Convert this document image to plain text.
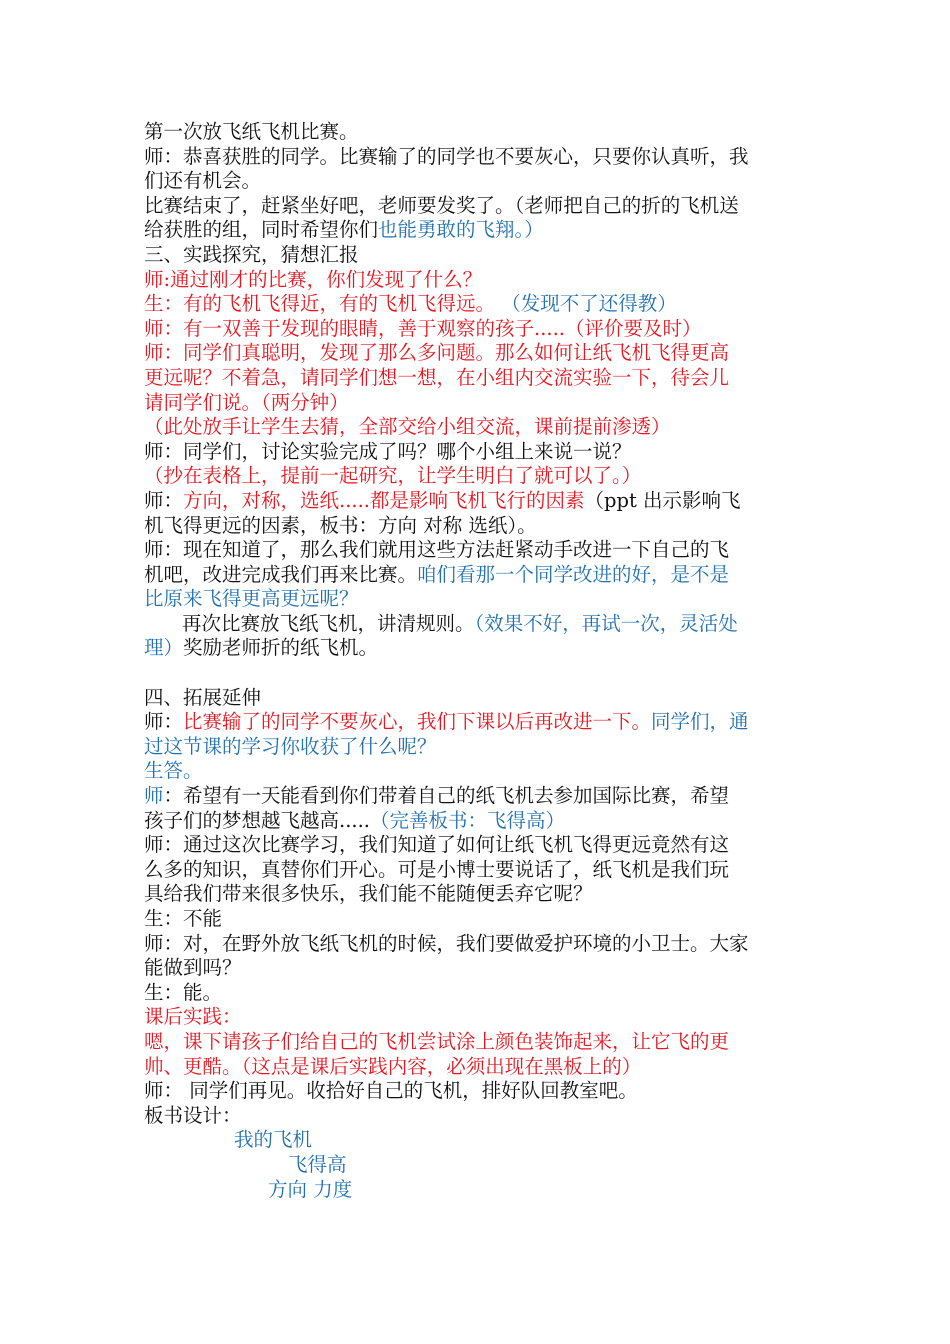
第一次放飞纸飞机比赛。
师：恭喜获胜的同学。比赛输了的同学也不要灰心，只要你认真听，我
们还有机会。
比赛结束了，赶紧坐好吧，老师要发奖了。（老师把自己的折的飞机送
给获胜的组，同时希望你们也能勇敢的飞翔。）
三、实践探究，猜想汇报
师:通过刚才的比赛，你们发现了什么？
生：有的飞机飞得近，有的飞机飞得远。 （发现不了还得教）
师：有一双善于发现的眼睛，善于观察的孩子.....（评价要及时）
师：同学们真聪明，发现了那么多问题。那么如何让纸飞机飞得更高
更远呢？不着急，请同学们想一想，在小组内交流实验一下，待会儿
请同学们说。（两分钟）
（此处放手让学生去猜，全部交给小组交流，课前提前渗透）
师：同学们，讨论实验完成了吗？哪个小组上来说一说？
（抄在表格上，提前一起研究，让学生明白了就可以了。）
师：方向，对称，选纸.....都是影响飞机飞行的因素（ppt 出示影响飞
机飞得更远的因素，板书：方向 对称 选纸）。
师：现在知道了，那么我们就用这些方法赶紧动手改进一下自己的飞
机吧，改进完成我们再来比赛。咱们看那一个同学改进的好，是不是
比原来飞得更高更远呢？
再次比赛放飞纸飞机，讲清规则。（效果不好，再试一次，灵活处
理）奖励老师折的纸飞机。
四、拓展延伸
师：比赛输了的同学不要灰心，我们下课以后再改进一下。同学们，通
过这节课的学习你收获了什么呢？
生答。
师：希望有一天能看到你们带着自己的纸飞机去参加国际比赛，希望
孩子们的梦想越飞越高.....（完善板书：飞得高）
师：通过这次比赛学习，我们知道了如何让纸飞机飞得更远竟然有这
么多的知识，真替你们开心。可是小博士要说话了，纸飞机是我们玩
具给我们带来很多快乐，我们能不能随便丢弃它呢？
生：不能
师：对，在野外放飞纸飞机的时候，我们要做爱护环境的小卫士。大家
能做到吗？
生：能。
课后实践：
嗯，课下请孩子们给自己的飞机尝试涂上颜色装饰起来，让它飞的更
帅、更酷。（这点是课后实践内容，必须出现在黑板上的）
师： 同学们再见。收拾好自己的飞机，排好队回教室吧。
板书设计：
我的飞机
飞得高
方向 力度
